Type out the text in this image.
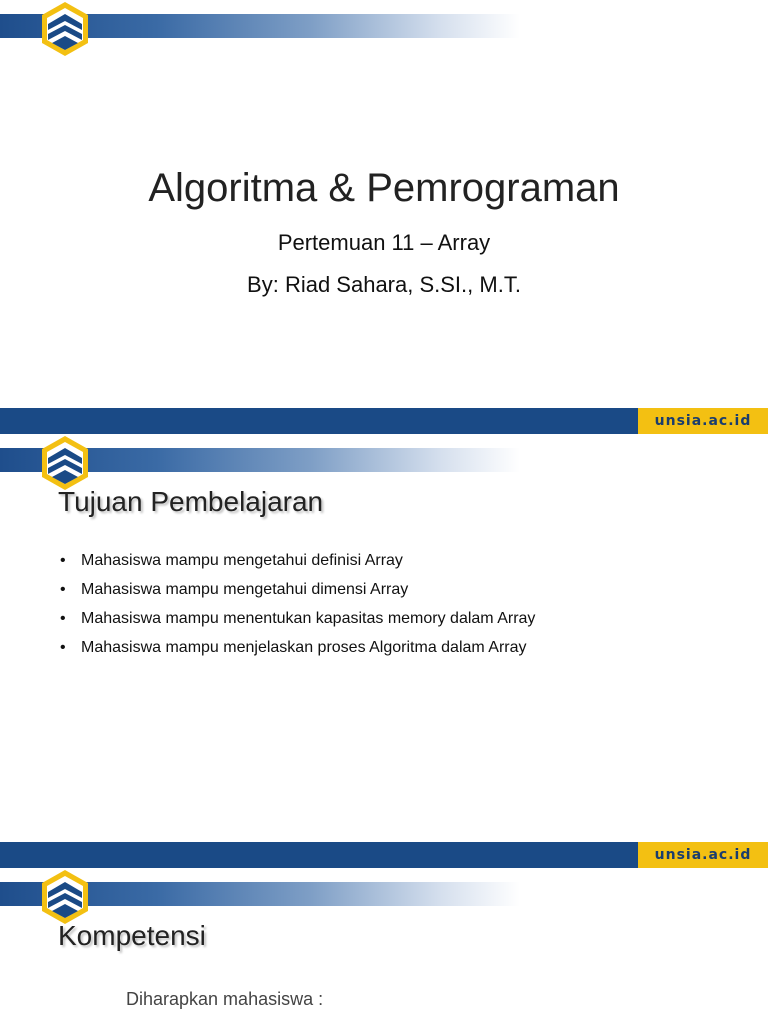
Algoritma & Pemrograman
Pertemuan 11 – Array
By: Riad Sahara, S.SI., M.T.
unsia.ac.id
Tujuan Pembelajaran
• Mahasiswa mampu mengetahui definisi Array
• Mahasiswa mampu mengetahui dimensi Array
• Mahasiswa mampu menentukan kapasitas memory dalam Array
• Mahasiswa mampu menjelaskan proses Algoritma dalam Array
unsia.ac.id
Kompetensi
Diharapkan mahasiswa :
